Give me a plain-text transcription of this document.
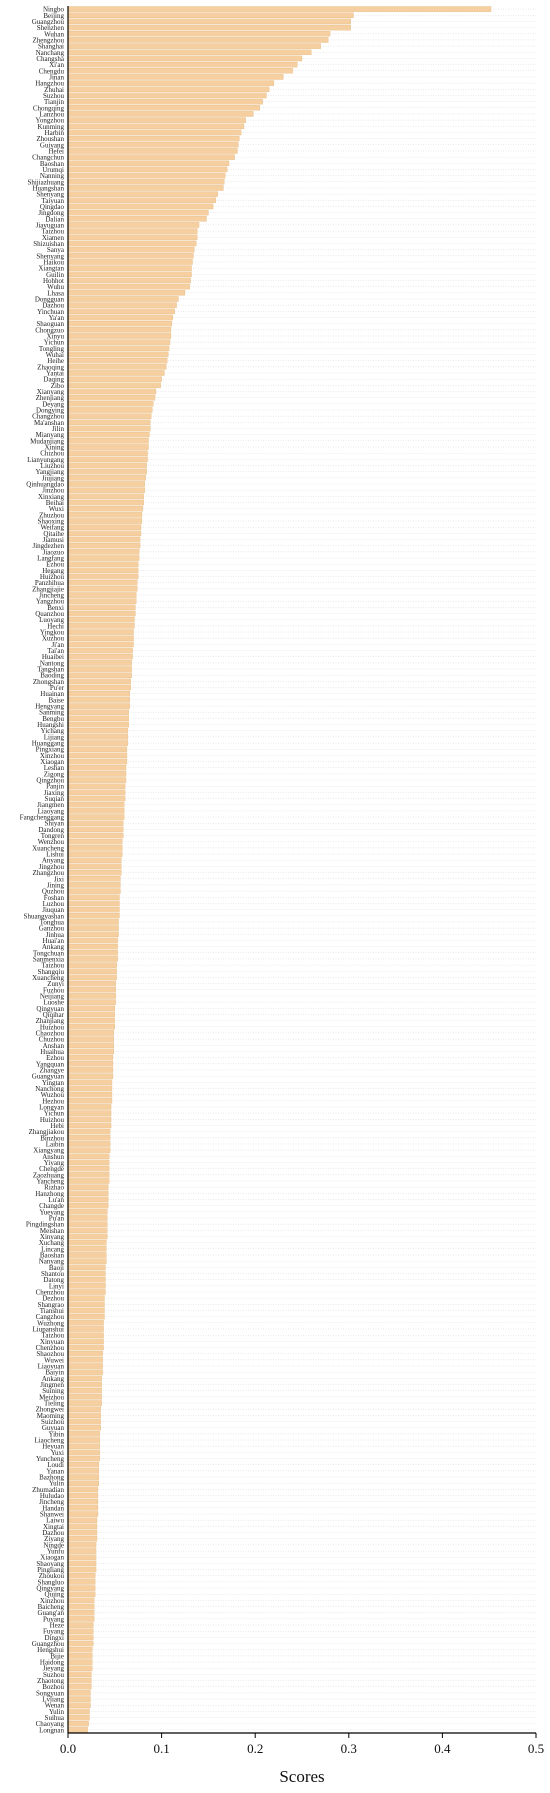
Ningbo
Beijing
Guangzhou
Shenzhen
Wuhan
Zhengzhou
Shanghai
Nanchang
Changsha
Xi'an
Chengdu
Jinan
Hangzhou
Zhuhai
Suzhou
Tianjin
Chongqing
Lanzhou
Yongzhou
Kunming
Harbin
Zhoushan
Guiyang
Hefei
Changchun
Baoshan
Urumqi
Nanning
Shijiazhuang
Huangshan
Shenyang
Taiyuan
Qingdao
Jingdong
Dalian
Jiayuguan
Taizhou
Xiamen
Shizuishan
Sanya
Shenyang
Haikou
Xiangtan
Guilin
Hohhot
Wuhu
Lhasa
Dongguan
Dazhou
Yinchuan
Ya'an
Shaoguan
Chongzuo
Xinyu
Yichun
Tongling
Wuhai
Heihe
Zhaoqing
Yantai
Daqing
Zibo
Xianyang
Zhenjiang
Deyang
Dongying
Changzhou
Ma'anshan
Jilin
Mianyang
Mudanjiang
Xining
Chizhou
Lianyungang
Liuzhou
Yangjiang
Jiujiang
Qinhuangdao
Jinzhou
Xinxiang
Beihai
Wuxi
Zhuzhou
Shaoxing
Weifang
Qitaihe
Jiamusi
Jingdezhen
Jiaozuo
Langfang
Ezhou
Hegang
Huizhou
Panzhihua
Zhangjiajie
Jincheng
Yangzhou
Benxi
Quanzhou
Luoyang
Hechi
Yingkou
Xuzhou
Ji'an
Tai'an
Huaibei
Nantong
Tangshan
Baoding
Zhongshan
Pu'er
Huainan
Baise
Hengyang
Sanming
Bengbu
Huangshi
Yichang
Lijiang
Huanggang
Pingxiang
Xinzhou
Xiaogan
Leshan
Zigong
Qingzhou
Panjin
Jiaxing
Suqian
Jiangmen
Liaoyang
Fangchenggang
Shiyan
Dandong
Tongren
Wenzhou
Xuancheng
Lishui
Anyang
Jingzhou
Zhangzhou
Jixi
Jining
Quzhou
Foshan
Luzhou
Jiuquan
Shuangyashan
Tonghua
Ganzhou
Jinhua
Huai'an
Ankang
Tongchuan
Sanmenxia
Taizhou
Shangqiu
Xuancheng
Zunyi
Fuzhou
Neijiang
Luoshe
Qingyuan
Qiqihar
Zhanjiang
Huizhou
Chaozhou
Chuzhou
Anshan
Huaihua
Ezhou
Yangquan
Zhangye
Guangyuan
Yingtan
Nanchong
Wuzhou
Hezhou
Longyan
Yichun
Huizhou
Hebi
Zhangjiakou
Binzhou
Laibin
Xiangyang
Anshun
Yiyang
Chengde
Zaozhuang
Yancheng
Rizhao
Hanzhong
Lu'an
Changde
Yueyang
Pu'an
Pingdingshan
Meishan
Xinyang
Xuchang
Lincang
Baoshan
Nanyang
Baoji
Shantou
Datong
Linyi
Chenzhou
Dezhou
Shangrao
Tianshui
Cangzhou
Wuzhong
Liupanshui
Taizhou
Xinyuan
Chenzhou
Shaozhou
Wuwei
Liaoyuan
Baiyin
Ankang
Jingmen
Suining
Meizhou
Tieling
Zhongwei
Maoming
Suizhou
Guyuan
Yibin
Liaocheng
Heyuan
Yuxi
Yuncheng
Loudi
Yanan
Bazhong
Yulin
Zhumadian
Huludao
Jincheng
Handan
Shanwei
Laiwu
Xingtai
Dazhou
Ziyang
Ningde
Yunfu
Xiaogan
Shaoyang
Pingliang
Zhoukou
Shangluo
Qingyang
Qujing
Xinzhou
Baicheng
Guang'an
Puyang
Heze
Fuyang
Dingxi
Guangzhou
Hengshui
Bijie
Haidong
Jieyang
Suzhou
Zhaotong
Bozhou
Songyuan
Lvliang
Wenan
Yulin
Suihua
Chaoyang
Longnan
0.0	0.1	0.2	0.3	0.4	0.5
Scores
